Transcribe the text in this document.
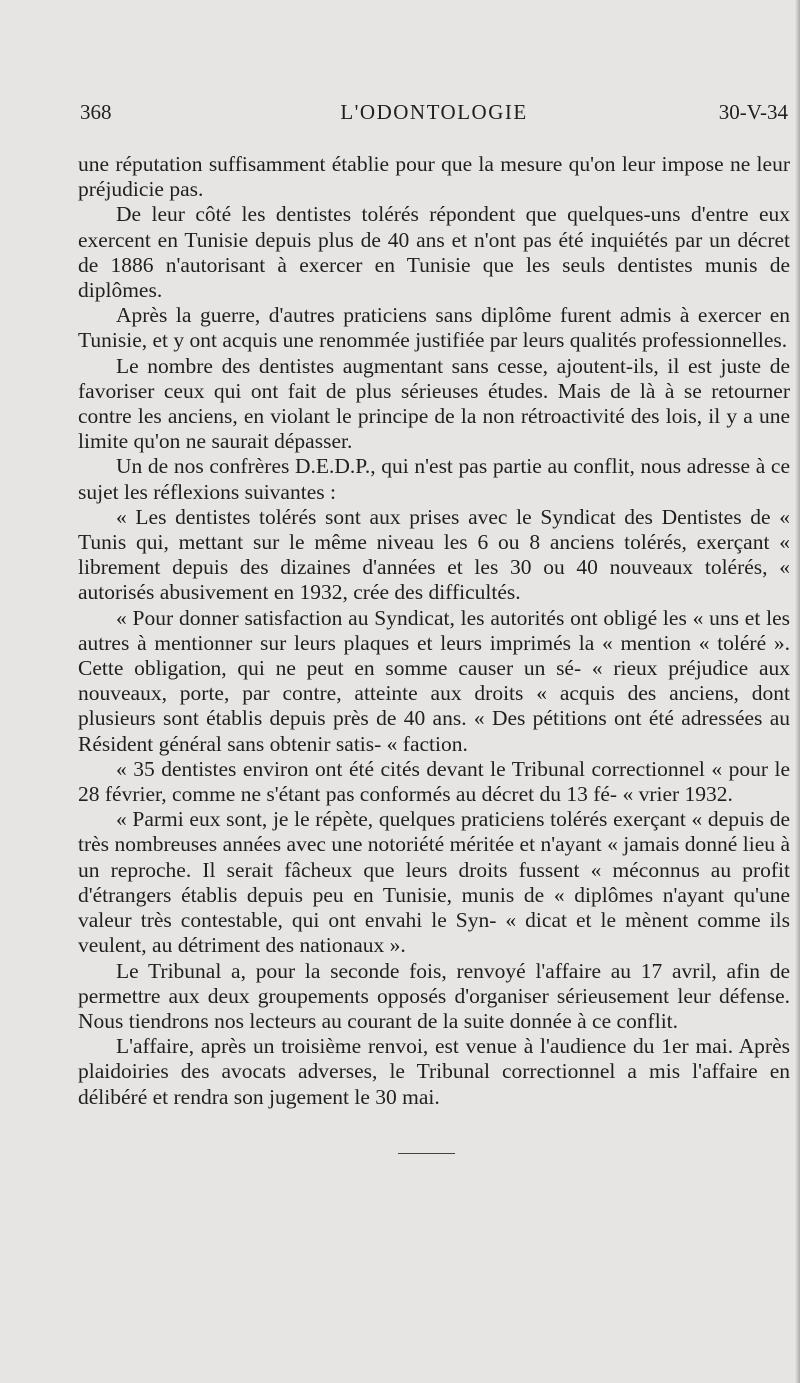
368	L'ODONTOLOGIE	30-V-34

une réputation suffisamment établie pour que la mesure qu'on leur impose ne leur préjudicie pas.

De leur côté les dentistes tolérés répondent que quelques-uns d'entre eux exercent en Tunisie depuis plus de 40 ans et n'ont pas été inquiétés par un décret de 1886 n'autorisant à exercer en Tunisie que les seuls dentistes munis de diplômes.

Après la guerre, d'autres praticiens sans diplôme furent admis à exercer en Tunisie, et y ont acquis une renommée justifiée par leurs qualités professionnelles.

Le nombre des dentistes augmentant sans cesse, ajoutent-ils, il est juste de favoriser ceux qui ont fait de plus sérieuses études. Mais de là à se retourner contre les anciens, en violant le principe de la non rétroactivité des lois, il y a une limite qu'on ne saurait dépasser.

Un de nos confrères D.E.D.P., qui n'est pas partie au conflit, nous adresse à ce sujet les réflexions suivantes :

« Les dentistes tolérés sont aux prises avec le Syndicat des Dentistes de « Tunis qui, mettant sur le même niveau les 6 ou 8 anciens tolérés, exerçant « librement depuis des dizaines d'années et les 30 ou 40 nouveaux tolérés, « autorisés abusivement en 1932, crée des difficultés.

« Pour donner satisfaction au Syndicat, les autorités ont obligé les « uns et les autres à mentionner sur leurs plaques et leurs imprimés la « mention « toléré ». Cette obligation, qui ne peut en somme causer un sé- « rieux préjudice aux nouveaux, porte, par contre, atteinte aux droits « acquis des anciens, dont plusieurs sont établis depuis près de 40 ans. « Des pétitions ont été adressées au Résident général sans obtenir satis- « faction.

« 35 dentistes environ ont été cités devant le Tribunal correctionnel « pour le 28 février, comme ne s'étant pas conformés au décret du 13 fé- « vrier 1932.

« Parmi eux sont, je le répète, quelques praticiens tolérés exerçant « depuis de très nombreuses années avec une notoriété méritée et n'ayant « jamais donné lieu à un reproche. Il serait fâcheux que leurs droits fussent « méconnus au profit d'étrangers établis depuis peu en Tunisie, munis de « diplômes n'ayant qu'une valeur très contestable, qui ont envahi le Syn- « dicat et le mènent comme ils veulent, au détriment des nationaux ».

Le Tribunal a, pour la seconde fois, renvoyé l'affaire au 17 avril, afin de permettre aux deux groupements opposés d'organiser sérieusement leur défense. Nous tiendrons nos lecteurs au courant de la suite donnée à ce conflit.

L'affaire, après un troisième renvoi, est venue à l'audience du 1er mai. Après plaidoiries des avocats adverses, le Tribunal correctionnel a mis l'affaire en délibéré et rendra son jugement le 30 mai.
